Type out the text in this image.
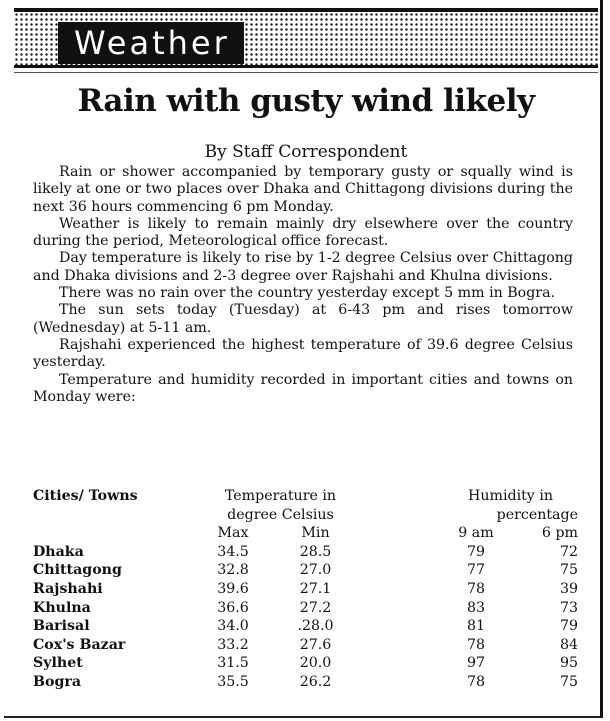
Weather
Rain with gusty wind likely
By Staff Correspondent

Rain or shower accompanied by temporary gusty or squally wind is likely at one or two places over Dhaka and Chittagong divisions during the next 36 hours commencing 6 pm Monday.

Weather is likely to remain mainly dry elsewhere over the country during the period, Meteorological office forecast.

Day temperature is likely to rise by 1-2 degree Celsius over Chittagong and Dhaka divisions and 2-3 degree over Rajshahi and Khulna divisions.

There was no rain over the country yesterday except 5 mm in Bogra.

The sun sets today (Tuesday) at 6-43 pm and rises tomorrow (Wednesday) at 5-11 am.

Rajshahi experienced the highest temperature of 39.6 degree Celsius yesterday.

Temperature and humidity recorded in important cities and towns on Monday were:

Cities/ Towns	Temperature in			Humidity in	
	degree Celsius			percentage	
	Max	Min		9 am	6 pm
Dhaka	34.5	28.5		79	72
Chittagong	32.8	27.0		77	75
Rajshahi	39.6	27.1		78	39
Khulna	36.6	27.2		83	73
Barisal	34.0	.28.0		81	79
Cox's Bazar	33.2	27.6		78	84
Sylhet	31.5	20.0		97	95
Bogra	35.5	26.2		78	75
